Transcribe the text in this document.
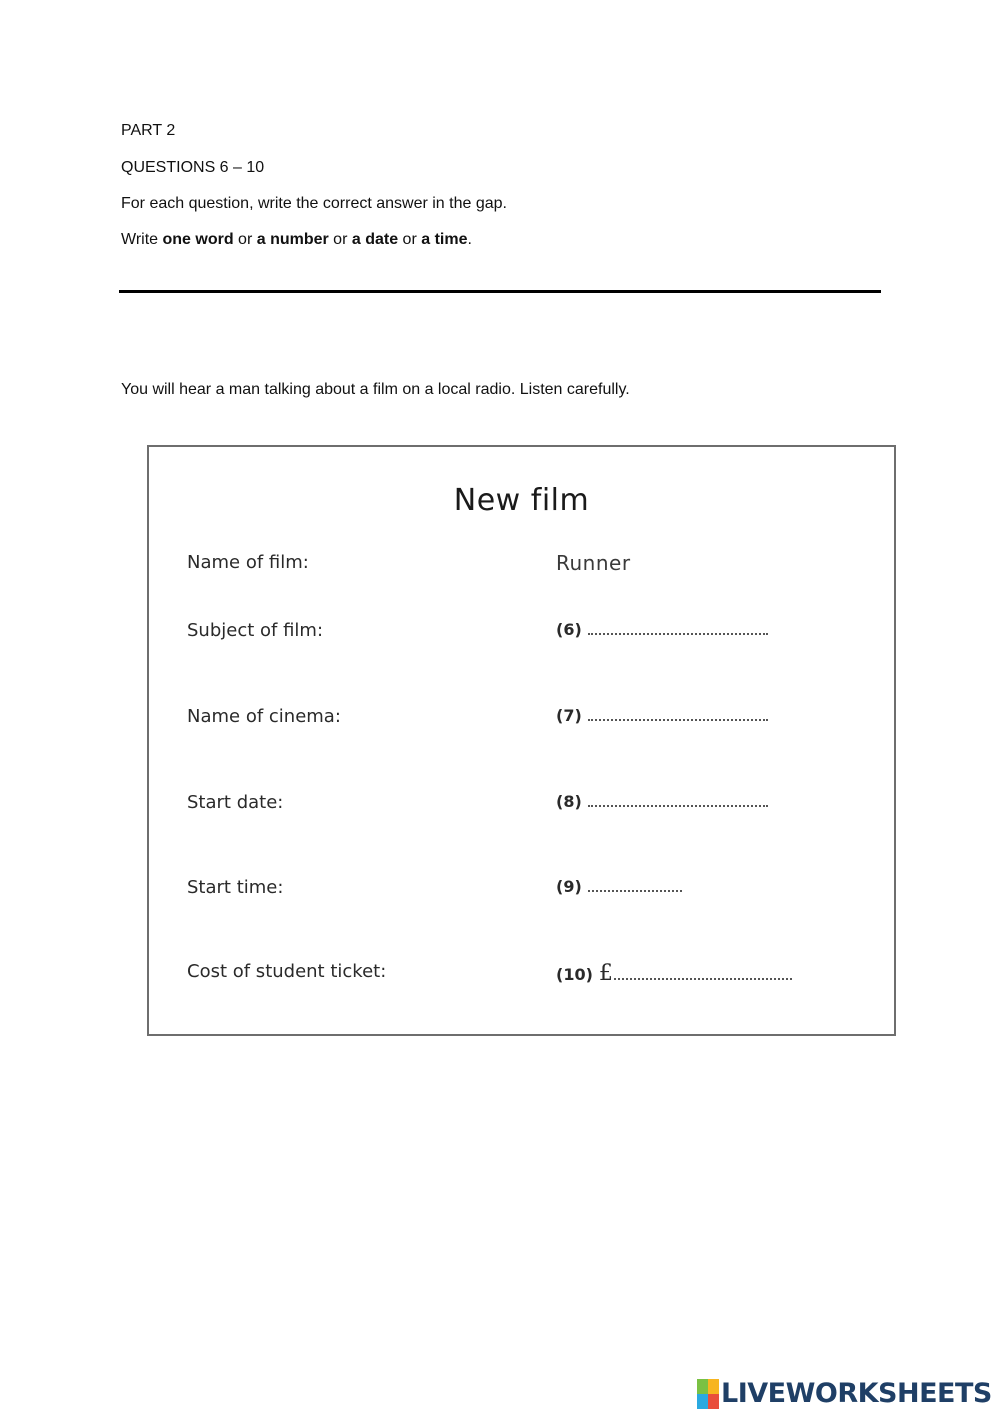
PART 2
QUESTIONS 6 – 10
For each question, write the correct answer in the gap.
Write one word or a number or a date or a time.
You will hear a man talking about a film on a local radio. Listen carefully.
New film
Name of film:	Runner
Subject of film:	(6)
Name of cinema:	(7)
Start date:	(8)
Start time:	(9)
Cost of student ticket:	(10) £
LIVEWORKSHEETS
